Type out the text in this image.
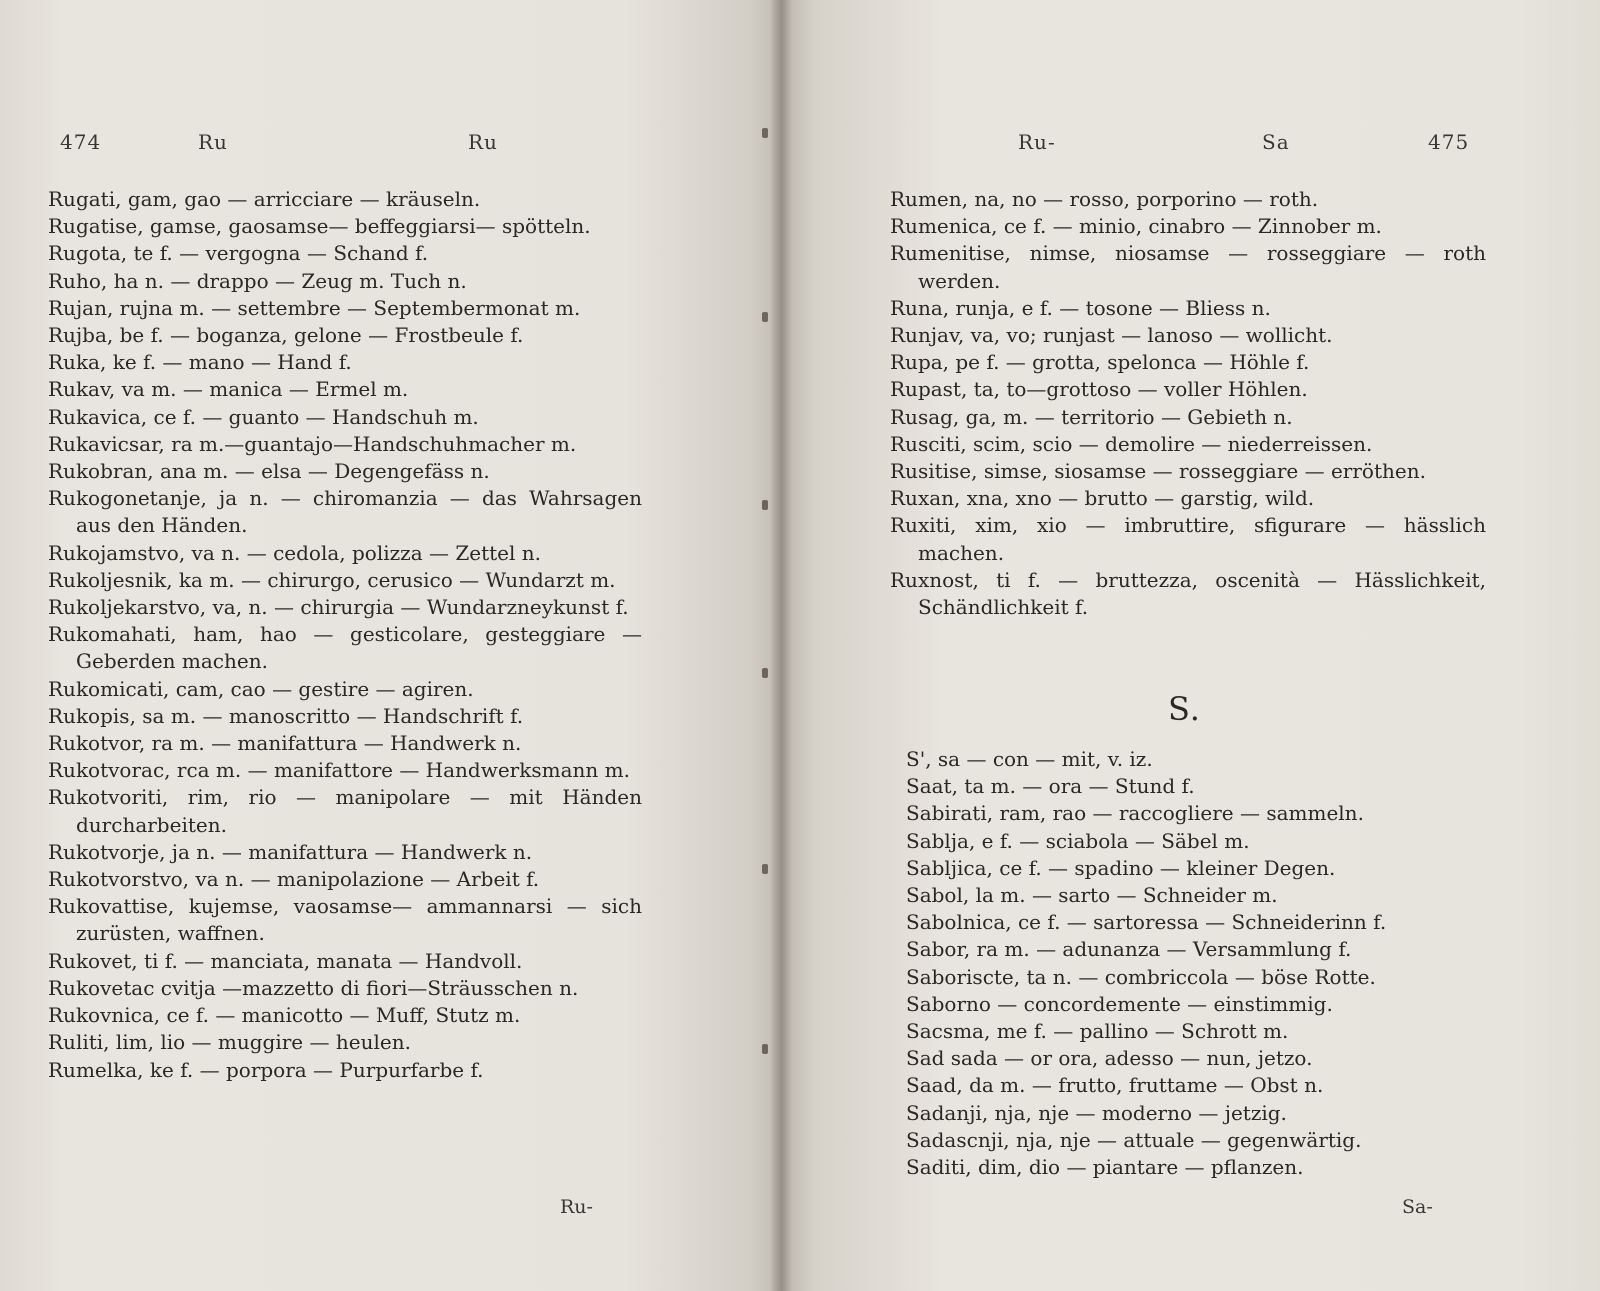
474	Ru	Ru
Rugati, gam, gao — arricciare — kräuseln.
Rugatise, gamse, gaosamse— beffeggiarsi— spötteln.
Rugota, te f. — vergogna — Schand f.
Ruho, ha n. — drappo — Zeug m. Tuch n.
Rujan, rujna m. — settembre — Septembermonat m.
Rujba, be f. — boganza, gelone — Frostbeule f.
Ruka, ke f. — mano — Hand f.
Rukav, va m. — manica — Ermel m.
Rukavica, ce f. — guanto — Handschuh m.
Rukavicsar, ra m.—guantajo—Handschuhmacher m.
Rukobran, ana m. — elsa — Degengefäss n.
Rukogonetanje, ja n. — chiromanzia — das Wahrsagen aus den Händen.
Rukojamstvo, va n. — cedola, polizza — Zettel n.
Rukoljesnik, ka m. — chirurgo, cerusico — Wundarzt m.
Rukoljekarstvo, va, n. — chirurgia — Wundarzneykunst f.
Rukomahati, ham, hao — gesticolare, gesteggiare — Geberden machen.
Rukomicati, cam, cao — gestire — agiren.
Rukopis, sa m. — manoscritto — Handschrift f.
Rukotvor, ra m. — manifattura — Handwerk n.
Rukotvorac, rca m. — manifattore — Handwerksmann m.
Rukotvoriti, rim, rio — manipolare — mit Händen durcharbeiten.
Rukotvorje, ja n. — manifattura — Handwerk n.
Rukotvorstvo, va n. — manipolazione — Arbeit f.
Rukovattise, kujemse, vaosamse— ammannarsi — sich zurüsten, waffnen.
Rukovet, ti f. — manciata, manata — Handvoll.
Rukovetac cvitja —mazzetto di fiori—Sträusschen n.
Rukovnica, ce f. — manicotto — Muff, Stutz m.
Ruliti, lim, lio — muggire — heulen.
Rumelka, ke f. — porpora — Purpurfarbe f.
Ru-
Ru-	Sa	475
Rumen, na, no — rosso, porporino — roth.
Rumenica, ce f. — minio, cinabro — Zinnober m.
Rumenitise, nimse, niosamse — rosseggiare — roth werden.
Runa, runja, e f. — tosone — Bliess n.
Runjav, va, vo; runjast — lanoso — wollicht.
Rupa, pe f. — grotta, spelonca — Höhle f.
Rupast, ta, to—grottoso — voller Höhlen.
Rusag, ga, m. — territorio — Gebieth n.
Rusciti, scim, scio — demolire — niederreissen.
Rusitise, simse, siosamse — rosseggiare — erröthen.
Ruxan, xna, xno — brutto — garstig, wild.
Ruxiti, xim, xio — imbruttire, sfigurare — hässlich machen.
Ruxnost, ti f. — bruttezza, oscenità — Hässlichkeit, Schändlichkeit f.
S.
S', sa — con — mit, v. iz.
Saat, ta m. — ora — Stund f.
Sabirati, ram, rao — raccogliere — sammeln.
Sablja, e f. — sciabola — Säbel m.
Sabljica, ce f. — spadino — kleiner Degen.
Sabol, la m. — sarto — Schneider m.
Sabolnica, ce f. — sartoressa — Schneiderinn f.
Sabor, ra m. — adunanza — Versammlung f.
Saboriscte, ta n. — combriccola — böse Rotte.
Saborno — concordemente — einstimmig.
Sacsma, me f. — pallino — Schrott m.
Sad sada — or ora, adesso — nun, jetzo.
Saad, da m. — frutto, fruttame — Obst n.
Sadanji, nja, nje — moderno — jetzig.
Sadascnji, nja, nje — attuale — gegenwärtig.
Saditi, dim, dio — piantare — pflanzen.
Sa-
